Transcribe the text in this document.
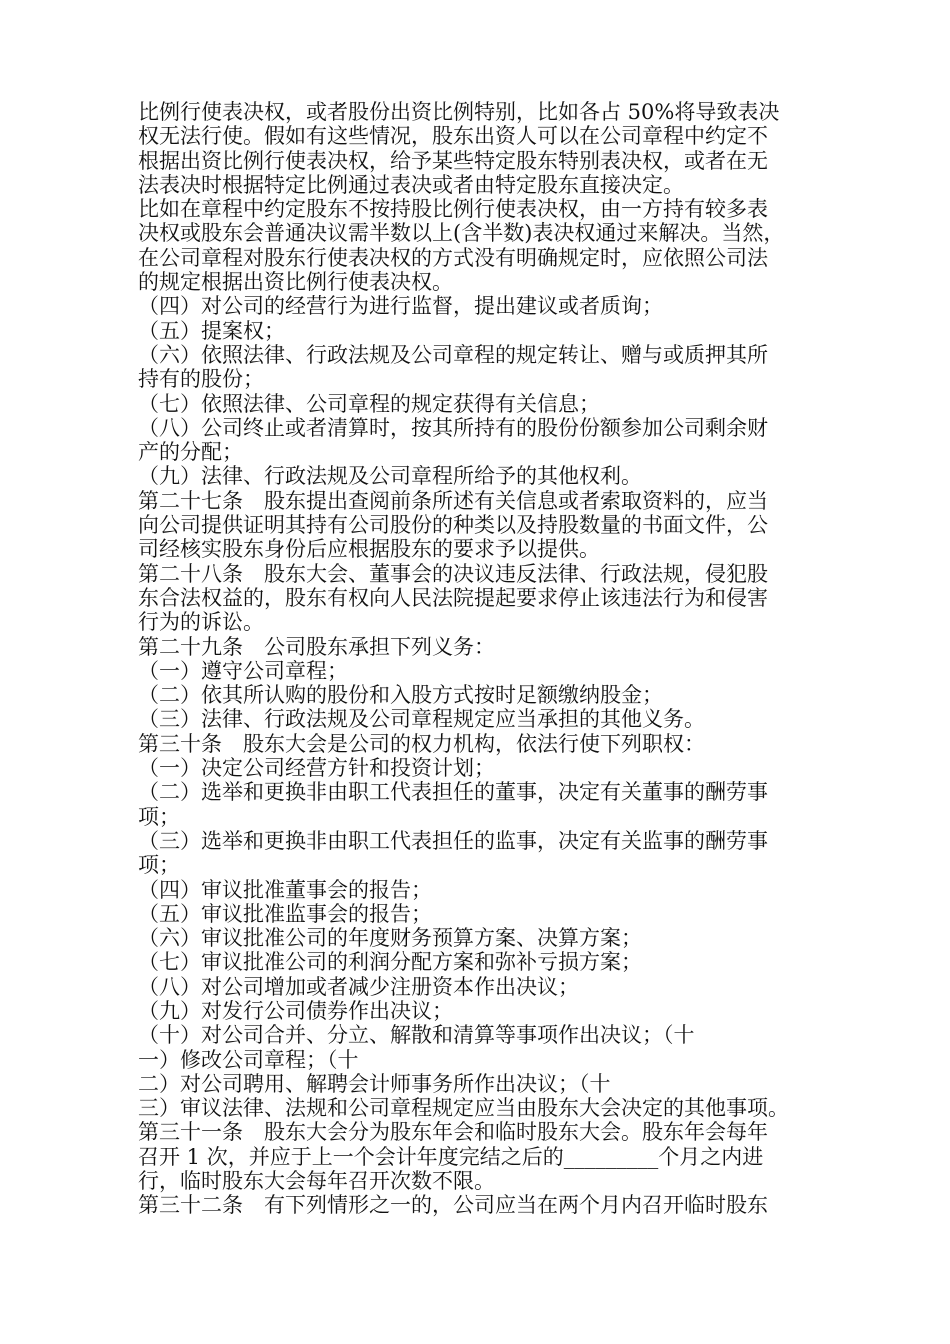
比例行使表决权，或者股份出资比例特别，比如各占 50%将导致表决
权无法行使。假如有这些情况，股东出资人可以在公司章程中约定不
根据出资比例行使表决权，给予某些特定股东特别表决权，或者在无
法表决时根据特定比例通过表决或者由特定股东直接决定。
比如在章程中约定股东不按持股比例行使表决权，由一方持有较多表
决权或股东会普通决议需半数以上(含半数)表决权通过来解决。当然，
在公司章程对股东行使表决权的方式没有明确规定时，应依照公司法
的规定根据出资比例行使表决权。
（四）对公司的经营行为进行监督，提出建议或者质询；
（五）提案权；
（六）依照法律、行政法规及公司章程的规定转让、赠与或质押其所
持有的股份；
（七）依照法律、公司章程的规定获得有关信息；
（八）公司终止或者清算时，按其所持有的股份份额参加公司剩余财
产的分配；
（九）法律、行政法规及公司章程所给予的其他权利。
第二十七条　股东提出查阅前条所述有关信息或者索取资料的，应当
向公司提供证明其持有公司股份的种类以及持股数量的书面文件，公
司经核实股东身份后应根据股东的要求予以提供。
第二十八条　股东大会、董事会的决议违反法律、行政法规，侵犯股
东合法权益的，股东有权向人民法院提起要求停止该违法行为和侵害
行为的诉讼。
第二十九条　公司股东承担下列义务：
（一）遵守公司章程；
（二）依其所认购的股份和入股方式按时足额缴纳股金；
（三）法律、行政法规及公司章程规定应当承担的其他义务。
第三十条　股东大会是公司的权力机构，依法行使下列职权：
（一）决定公司经营方针和投资计划；
（二）选举和更换非由职工代表担任的董事，决定有关董事的酬劳事
项；
（三）选举和更换非由职工代表担任的监事，决定有关监事的酬劳事
项；
（四）审议批准董事会的报告；
（五）审议批准监事会的报告；
（六）审议批准公司的年度财务预算方案、决算方案；
（七）审议批准公司的利润分配方案和弥补亏损方案；
（八）对公司增加或者减少注册资本作出决议；
（九）对发行公司债券作出决议；
（十）对公司合并、分立、解散和清算等事项作出决议；（十
一）修改公司章程；（十
二）对公司聘用、解聘会计师事务所作出决议；（十
三）审议法律、法规和公司章程规定应当由股东大会决定的其他事项。
第三十一条　股东大会分为股东年会和临时股东大会。股东年会每年
召开 1 次，并应于上一个会计年度完结之后的_________个月之内进
行，临时股东大会每年召开次数不限。
第三十二条　有下列情形之一的，公司应当在两个月内召开临时股东
